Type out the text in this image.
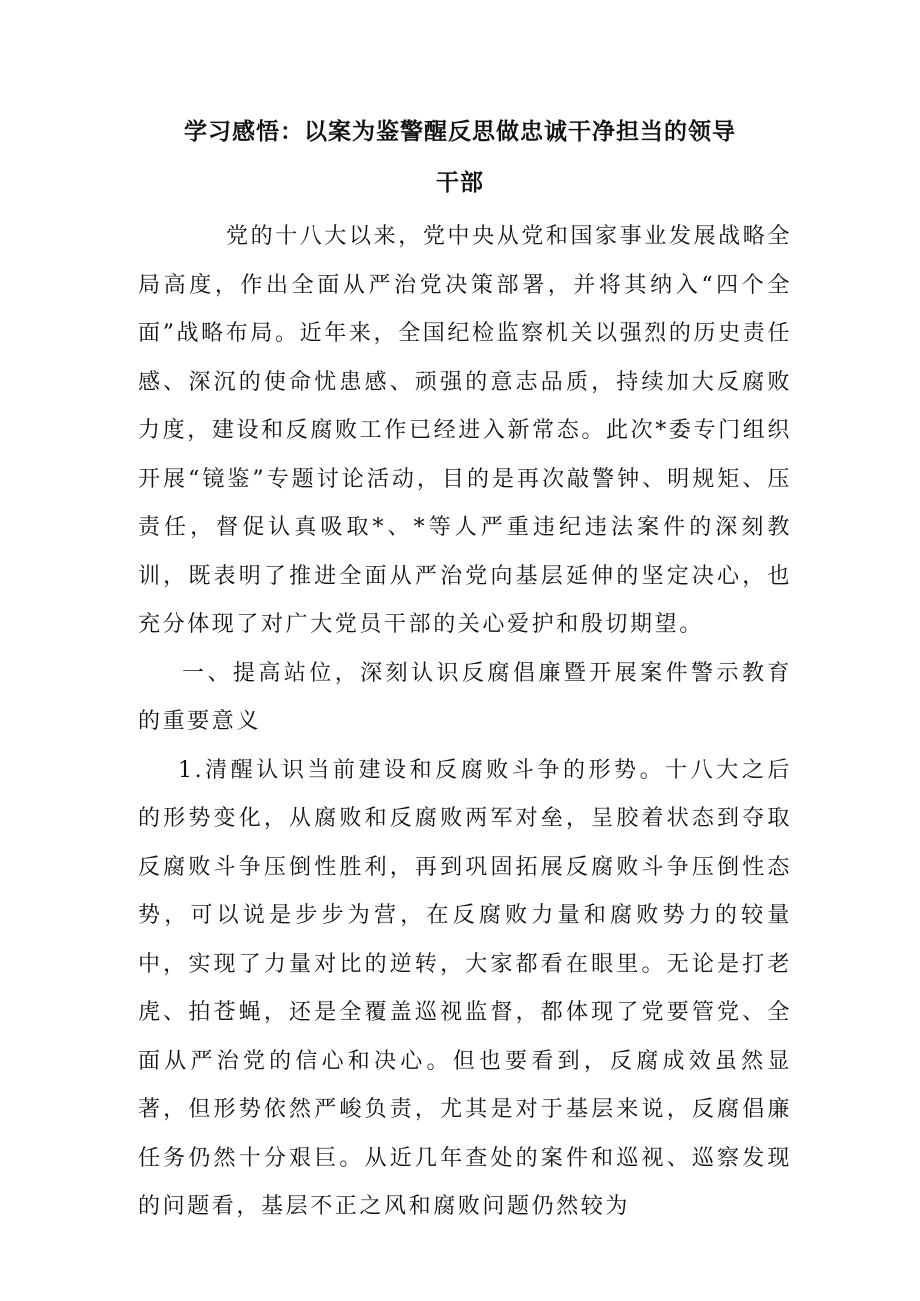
学习感悟：以案为鉴警醒反思做忠诚干净担当的领导
干部

党的十八大以来，党中央从党和国家事业发展战略全局高度，作出全面从严治党决策部署，并将其纳入“四个全面”战略布局。近年来，全国纪检监察机关以强烈的历史责任感、深沉的使命忧患感、顽强的意志品质，持续加大反腐败力度，建设和反腐败工作已经进入新常态。此次*委专门组织开展“镜鉴”专题讨论活动，目的是再次敲警钟、明规矩、压责任，督促认真吸取*、*等人严重违纪违法案件的深刻教训，既表明了推进全面从严治党向基层延伸的坚定决心，也充分体现了对广大党员干部的关心爱护和殷切期望。

一、提高站位，深刻认识反腐倡廉暨开展案件警示教育的重要意义

1.清醒认识当前建设和反腐败斗争的形势。十八大之后的形势变化，从腐败和反腐败两军对垒，呈胶着状态到夺取反腐败斗争压倒性胜利，再到巩固拓展反腐败斗争压倒性态势，可以说是步步为营，在反腐败力量和腐败势力的较量中，实现了力量对比的逆转，大家都看在眼里。无论是打老虎、拍苍蝇，还是全覆盖巡视监督，都体现了党要管党、全面从严治党的信心和决心。但也要看到，反腐成效虽然显著，但形势依然严峻负责，尤其是对于基层来说，反腐倡廉任务仍然十分艰巨。从近几年查处的案件和巡视、巡察发现的问题看，基层不正之风和腐败问题仍然较为
